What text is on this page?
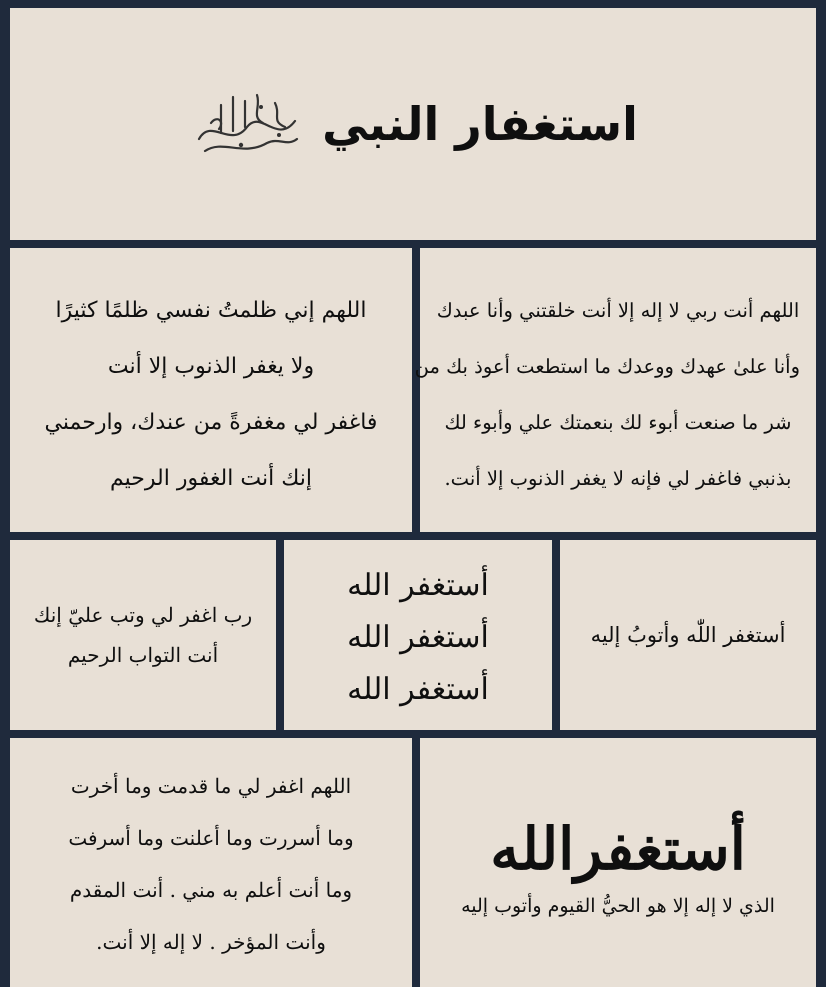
استغفار النبي
اللهم أنت ربي لا إله إلا أنت خلقتني وأنا عبدك
وأنا علىٰ عهدك ووعدك ما استطعت أعوذ بك من
شر ما صنعت أبوء لك بنعمتك علي وأبوء لك
بذنبي فاغفر لي فإنه لا يغفر الذنوب إلا أنت.
اللهم إني ظلمتُ نفسي ظلمًا كثيرًا
ولا يغفر الذنوب إلا أنت
فاغفر لي مغفرةً من عندك، وارحمني
إنك أنت الغفور الرحيم
أستغفر اللّٰه وأتوبُ إليه
أستغفر الله
أستغفر الله
أستغفر الله
رب اغفر لي وتب عليّ إنك
أنت التواب الرحيم
أستغفرالله
الذي لا إله إلا هو الحيُّ القيوم وأتوب إليه
اللهم اغفر لي ما قدمت وما أخرت
وما أسررت وما أعلنت وما أسرفت
وما أنت أعلم به مني . أنت المقدم
وأنت المؤخر . لا إله إلا أنت.
